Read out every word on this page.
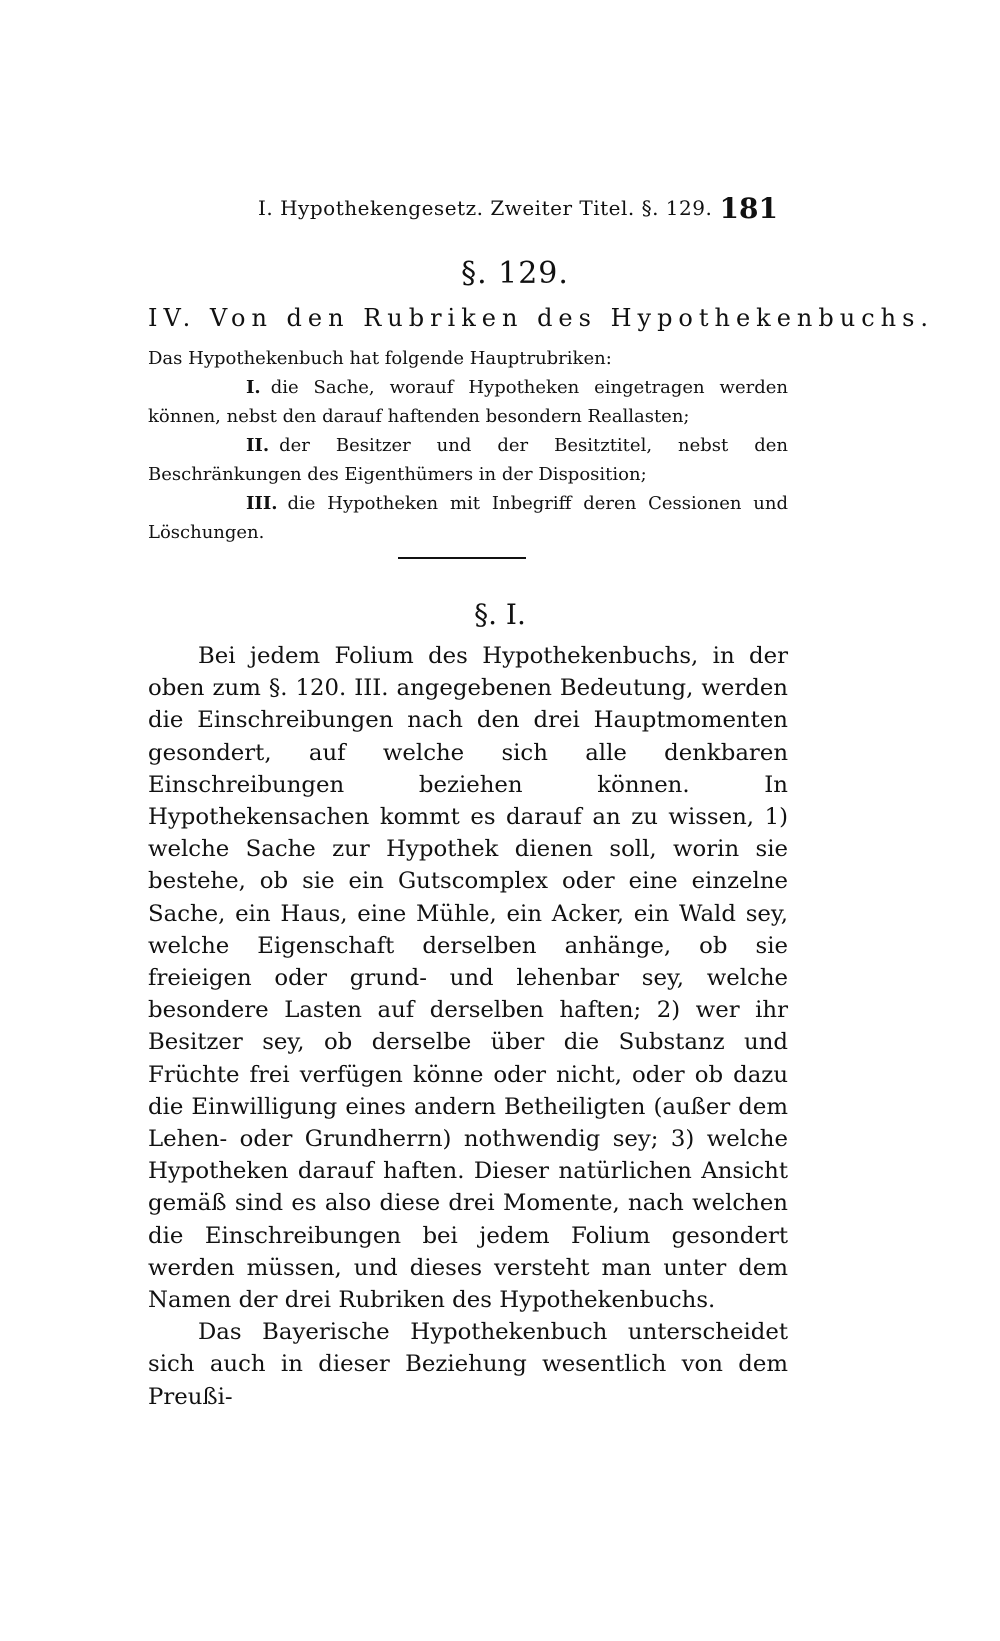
I. Hypothekengesetz. Zweiter Titel. §. 129. 181
§. 129.
IV. Von den Rubriken des Hypothekenbuchs.

Das Hypothekenbuch hat folgende Hauptrubriken:

I. die Sache, worauf Hypotheken eingetragen werden können, nebst den darauf haftenden besondern Reallasten;
II. der Besitzer und der Besitztitel, nebst den Beschränkungen des Eigenthümers in der Disposition;
III. die Hypotheken mit Inbegriff deren Cessionen und Löschungen.
§. I.

Bei jedem Folium des Hypothekenbuchs, in der oben zum §. 120. III. angegebenen Bedeutung, werden die Einschreibungen nach den drei Hauptmomenten gesondert, auf welche sich alle denkbaren Einschreibungen beziehen können. In Hypothekensachen kommt es darauf an zu wissen, 1) welche Sache zur Hypothek dienen soll, worin sie bestehe, ob sie ein Gutscomplex oder eine einzelne Sache, ein Haus, eine Mühle, ein Acker, ein Wald sey, welche Eigenschaft derselben anhänge, ob sie freieigen oder grund- und lehenbar sey, welche besondere Lasten auf derselben haften; 2) wer ihr Besitzer sey, ob derselbe über die Substanz und Früchte frei verfügen könne oder nicht, oder ob dazu die Einwilligung eines andern Betheiligten (außer dem Lehen- oder Grundherrn) nothwendig sey; 3) welche Hypotheken darauf haften. Dieser natürlichen Ansicht gemäß sind es also diese drei Momente, nach welchen die Einschreibungen bei jedem Folium gesondert werden müssen, und dieses versteht man unter dem Namen der drei Rubriken des Hypothekenbuchs.

Das Bayerische Hypothekenbuch unterscheidet sich auch in dieser Beziehung wesentlich von dem Preußi-
